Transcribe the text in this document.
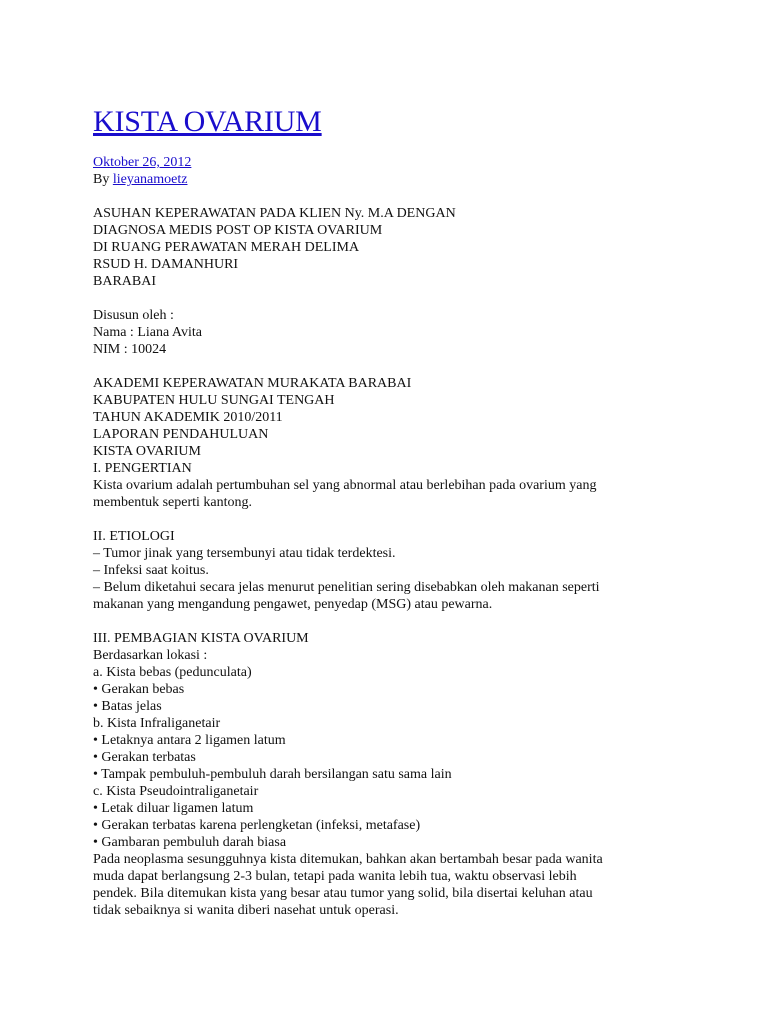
KISTA OVARIUM
Oktober 26, 2012
By lieyanamoetz
ASUHAN KEPERAWATAN PADA KLIEN Ny. M.A DENGAN
DIAGNOSA MEDIS POST OP KISTA OVARIUM
DI RUANG PERAWATAN MERAH DELIMA
RSUD H. DAMANHURI
BARABAI
Disusun oleh :
Nama : Liana Avita
NIM : 10024
AKADEMI KEPERAWATAN MURAKATA BARABAI
KABUPATEN HULU SUNGAI TENGAH
TAHUN AKADEMIK 2010/2011
LAPORAN PENDAHULUAN
KISTA OVARIUM
I. PENGERTIAN
Kista ovarium adalah pertumbuhan sel yang abnormal atau berlebihan pada ovarium yang
membentuk seperti kantong.
II. ETIOLOGI
– Tumor jinak yang tersembunyi atau tidak terdektesi.
– Infeksi saat koitus.
– Belum diketahui secara jelas menurut penelitian sering disebabkan oleh makanan seperti
makanan yang mengandung pengawet, penyedap (MSG) atau pewarna.
III. PEMBAGIAN KISTA OVARIUM
Berdasarkan lokasi :
a. Kista bebas (pedunculata)
• Gerakan bebas
• Batas jelas
b. Kista Infraliganetair
• Letaknya antara 2 ligamen latum
• Gerakan terbatas
• Tampak pembuluh-pembuluh darah bersilangan satu sama lain
c. Kista Pseudointraliganetair
• Letak diluar ligamen latum
• Gerakan terbatas karena perlengketan (infeksi, metafase)
• Gambaran pembuluh darah biasa
Pada neoplasma sesungguhnya kista ditemukan, bahkan akan bertambah besar pada wanita
muda dapat berlangsung 2-3 bulan, tetapi pada wanita lebih tua, waktu observasi lebih
pendek. Bila ditemukan kista yang besar atau tumor yang solid, bila disertai keluhan atau
tidak sebaiknya si wanita diberi nasehat untuk operasi.
